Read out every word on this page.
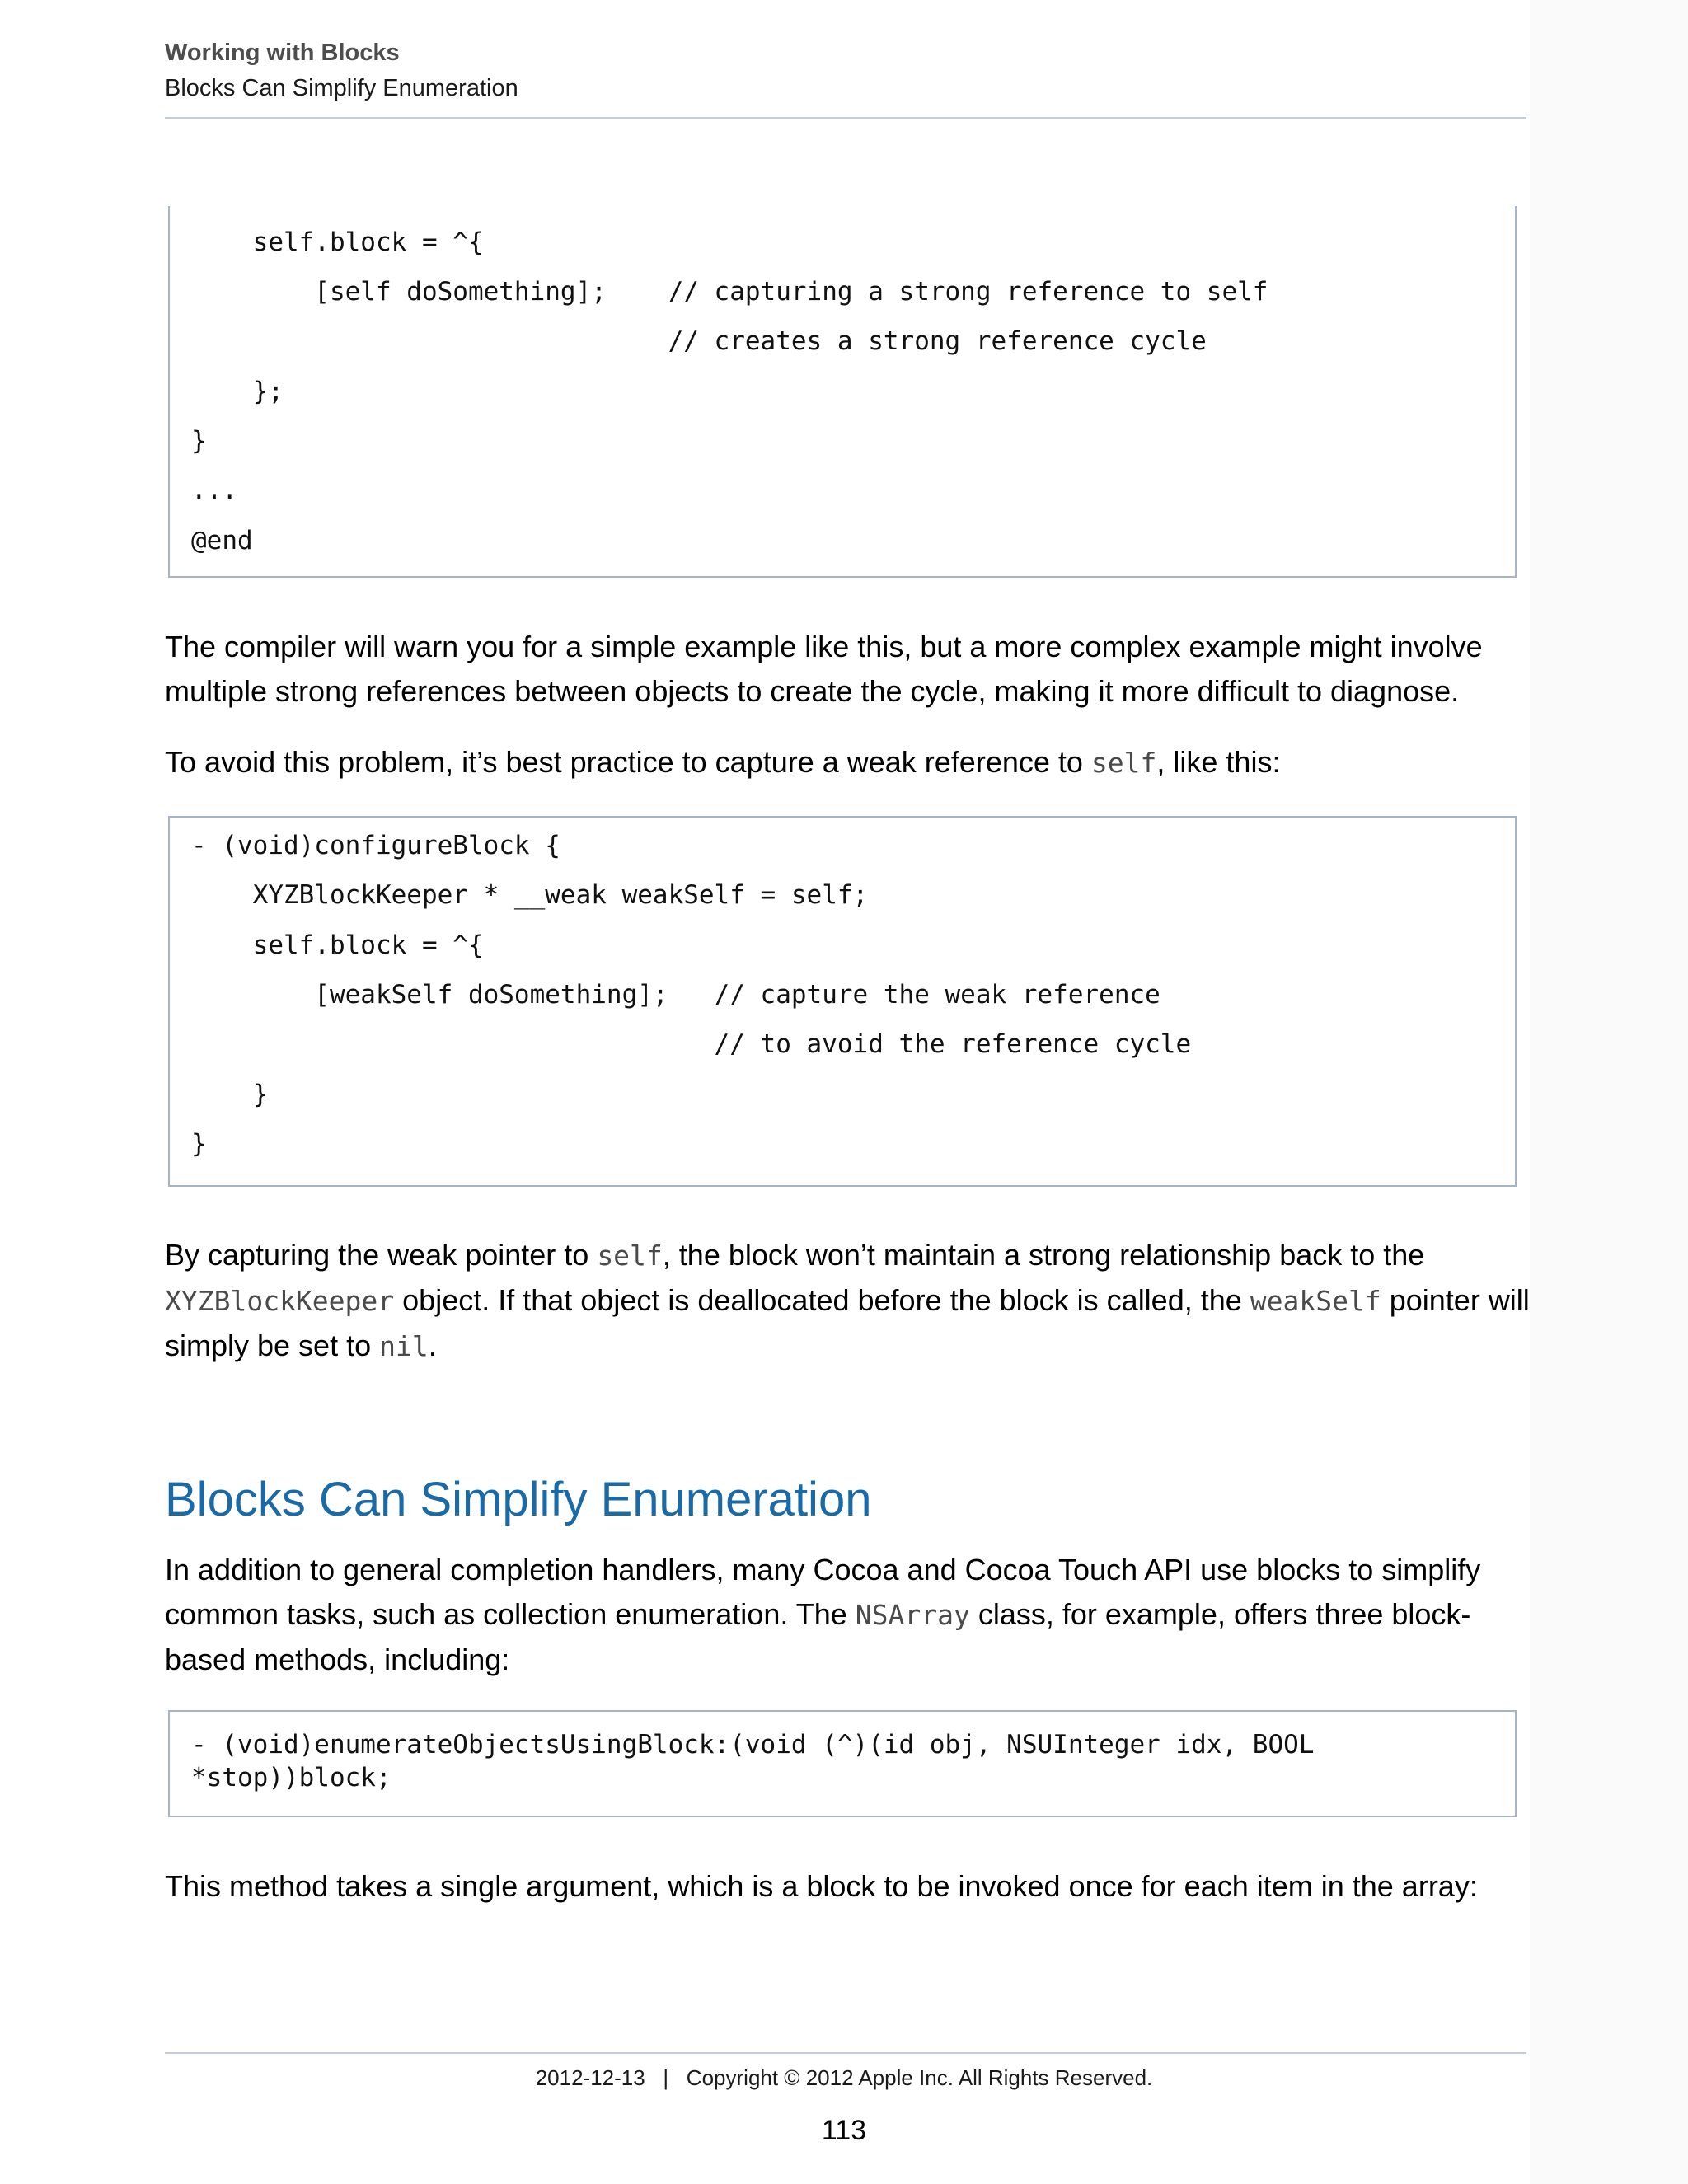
Working with Blocks
Blocks Can Simplify Enumeration
self.block = ^{
[self doSomething];    // capturing a strong reference to self
// creates a strong reference cycle
};
}
...
@end
The compiler will warn you for a simple example like this, but a more complex example might involve multiple strong references between objects to create the cycle, making it more difficult to diagnose.
To avoid this problem, it’s best practice to capture a weak reference to self, like this:
- (void)configureBlock {
XYZBlockKeeper * __weak weakSelf = self;
self.block = ^{
[weakSelf doSomething];   // capture the weak reference
// to avoid the reference cycle
}
}
By capturing the weak pointer to self, the block won’t maintain a strong relationship back to the XYZBlockKeeper object. If that object is deallocated before the block is called, the weakSelf pointer will simply be set to nil.
Blocks Can Simplify Enumeration
In addition to general completion handlers, many Cocoa and Cocoa Touch API use blocks to simplify common tasks, such as collection enumeration. The NSArray class, for example, offers three block-based methods, including:
- (void)enumerateObjectsUsingBlock:(void (^)(id obj, NSUInteger idx, BOOL
*stop))block;
This method takes a single argument, which is a block to be invoked once for each item in the array:
2012-12-13   |   Copyright © 2012 Apple Inc. All Rights Reserved.
113
